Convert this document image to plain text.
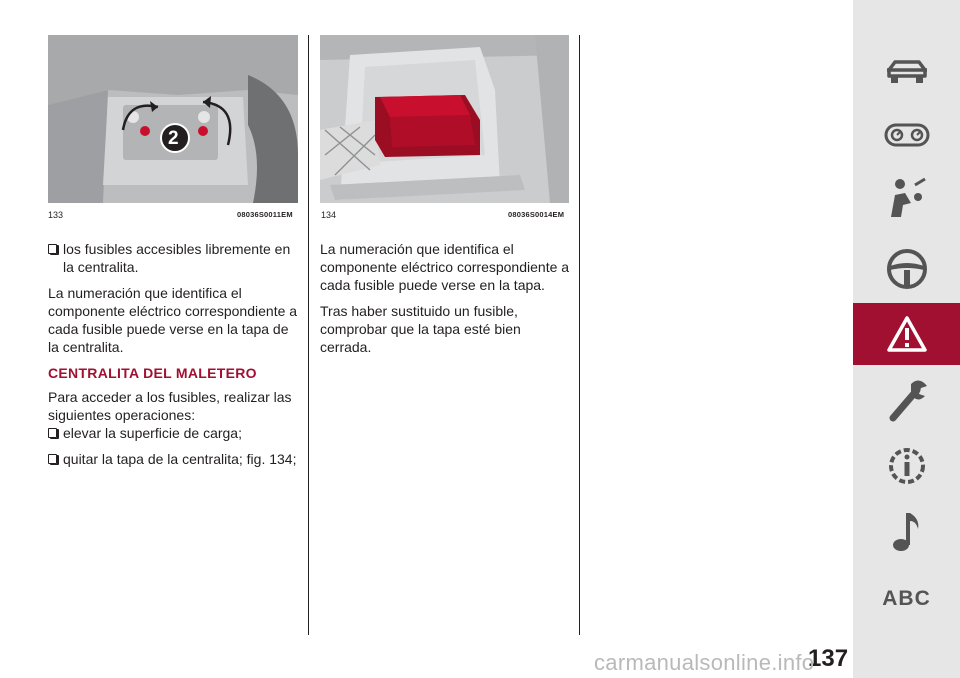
2
133	08036S0011EM	134	08036S0014EM

los fusibles accesibles libremente en la centralita.

La numeración que identifica el componente eléctrico correspondiente a cada fusible puede verse en la tapa de la centralita.

CENTRALITA DEL MALETERO

Para acceder a los fusibles, realizar las siguientes operaciones:

elevar la superficie de carga;

quitar la tapa de la centralita; fig. 134;

La numeración que identifica el componente eléctrico correspondiente a cada fusible puede verse en la tapa.

Tras haber sustituido un fusible, comprobar que la tapa esté bien cerrada.

ABC
137
carmanualsonline.info
